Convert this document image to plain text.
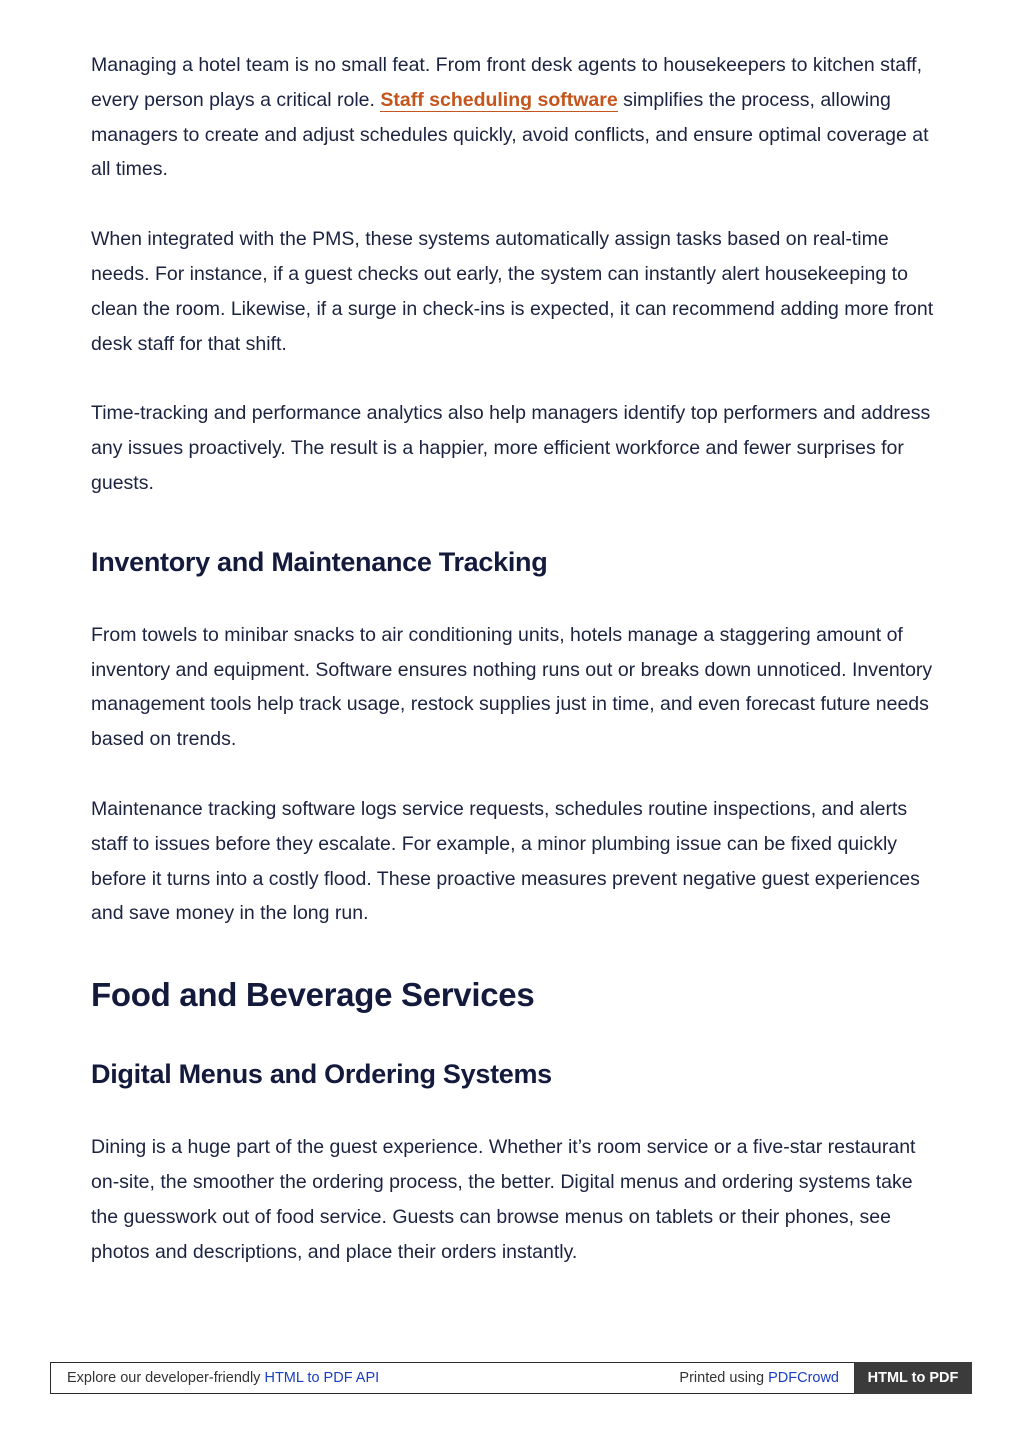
Managing a hotel team is no small feat. From front desk agents to housekeepers to kitchen staff, every person plays a critical role. Staff scheduling software simplifies the process, allowing managers to create and adjust schedules quickly, avoid conflicts, and ensure optimal coverage at all times.

When integrated with the PMS, these systems automatically assign tasks based on real-time needs. For instance, if a guest checks out early, the system can instantly alert housekeeping to clean the room. Likewise, if a surge in check-ins is expected, it can recommend adding more front desk staff for that shift.

Time-tracking and performance analytics also help managers identify top performers and address any issues proactively. The result is a happier, more efficient workforce and fewer surprises for guests.

Inventory and Maintenance Tracking

From towels to minibar snacks to air conditioning units, hotels manage a staggering amount of inventory and equipment. Software ensures nothing runs out or breaks down unnoticed. Inventory management tools help track usage, restock supplies just in time, and even forecast future needs based on trends.

Maintenance tracking software logs service requests, schedules routine inspections, and alerts staff to issues before they escalate. For example, a minor plumbing issue can be fixed quickly before it turns into a costly flood. These proactive measures prevent negative guest experiences and save money in the long run.

Food and Beverage Services
Digital Menus and Ordering Systems

Dining is a huge part of the guest experience. Whether it’s room service or a five-star restaurant on-site, the smoother the ordering process, the better. Digital menus and ordering systems take the guesswork out of food service. Guests can browse menus on tablets or their phones, see photos and descriptions, and place their orders instantly.

Explore our developer-friendly HTML to PDF API	Printed using PDFCrowd	HTML to PDF
